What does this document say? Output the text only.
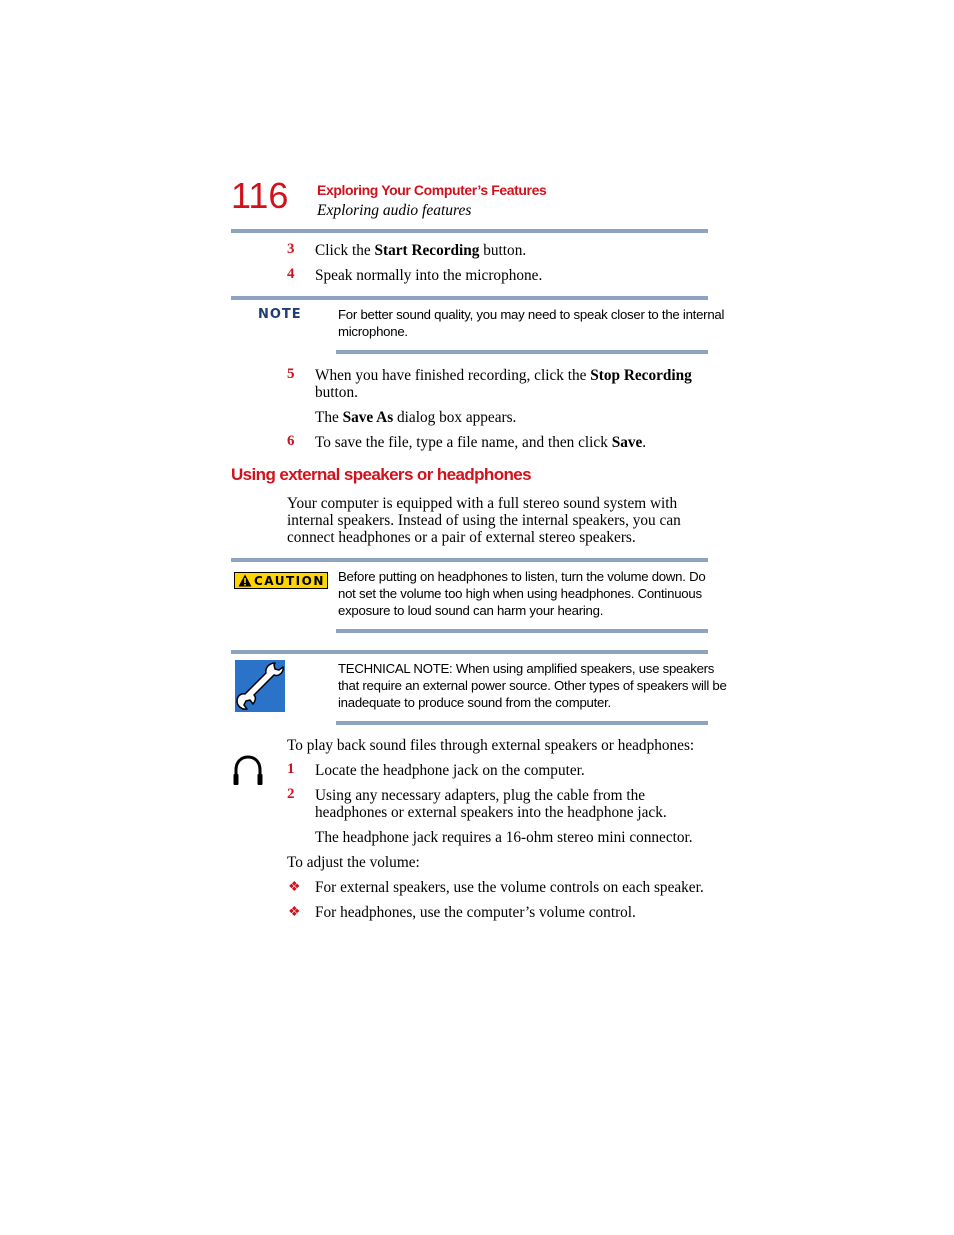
116 Exploring Your Computer’s Features
Exploring audio features
3 Click the Start Recording button.
4 Speak normally into the microphone.
NOTE	For better sound quality, you may need to speak closer to the internal
microphone.
5 When you have finished recording, click the Stop Recording
button.
The Save As dialog box appears.
6 To save the file, type a file name, and then click Save.
Using external speakers or headphones
Your computer is equipped with a full stereo sound system with
internal speakers. Instead of using the internal speakers, you can
connect headphones or a pair of external stereo speakers.
CAUTION Before putting on headphones to listen, turn the volume down. Do
not set the volume too high when using headphones. Continuous
exposure to loud sound can harm your hearing.
TECHNICAL NOTE: When using amplified speakers, use speakers
that require an external power source. Other types of speakers will be
inadequate to produce sound from the computer.
To play back sound files through external speakers or headphones:
1 Locate the headphone jack on the computer.
2 Using any necessary adapters, plug the cable from the
headphones or external speakers into the headphone jack.
The headphone jack requires a 16-ohm stereo mini connector.
To adjust the volume:
❖ For external speakers, use the volume controls on each speaker.
❖ For headphones, use the computer’s volume control.
